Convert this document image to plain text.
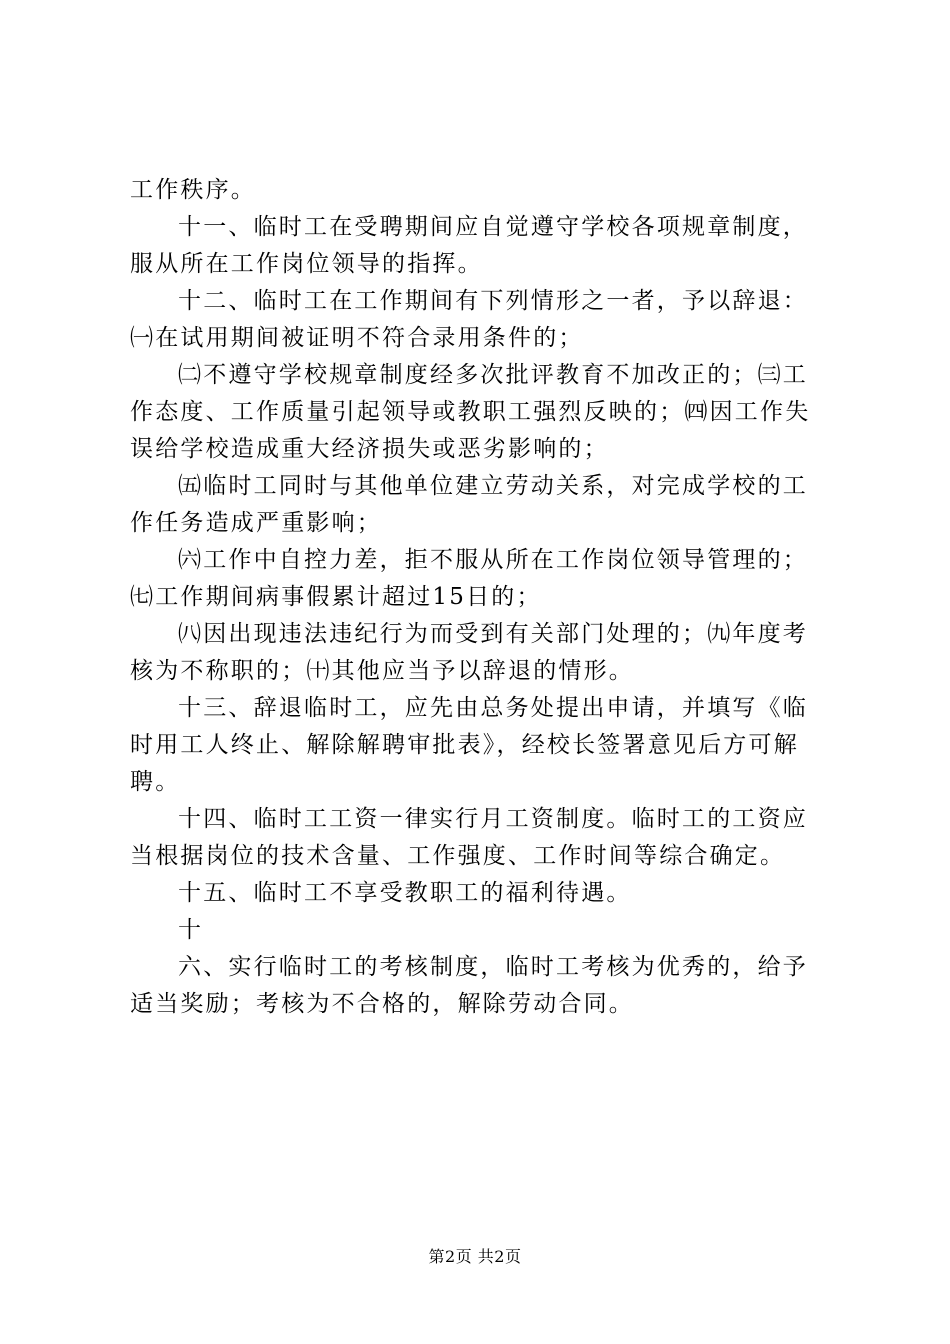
工作秩序。

十一、临时工在受聘期间应自觉遵守学校各项规章制度，服从所在工作岗位领导的指挥。

十二、临时工在工作期间有下列情形之一者，予以辞退：㈠在试用期间被证明不符合录用条件的；

㈡不遵守学校规章制度经多次批评教育不加改正的；㈢工作态度、工作质量引起领导或教职工强烈反映的；㈣因工作失误给学校造成重大经济损失或恶劣影响的；

㈤临时工同时与其他单位建立劳动关系，对完成学校的工作任务造成严重影响；

㈥工作中自控力差，拒不服从所在工作岗位领导管理的；㈦工作期间病事假累计超过15日的；

㈧因出现违法违纪行为而受到有关部门处理的；㈨年度考核为不称职的；㈩其他应当予以辞退的情形。

十三、辞退临时工，应先由总务处提出申请，并填写《临时用工人终止、解除解聘审批表》，经校长签署意见后方可解聘。

十四、临时工工资一律实行月工资制度。临时工的工资应当根据岗位的技术含量、工作强度、工作时间等综合确定。

十五、临时工不享受教职工的福利待遇。

十

六、实行临时工的考核制度，临时工考核为优秀的，给予适当奖励；考核为不合格的，解除劳动合同。

第2页 共2页
